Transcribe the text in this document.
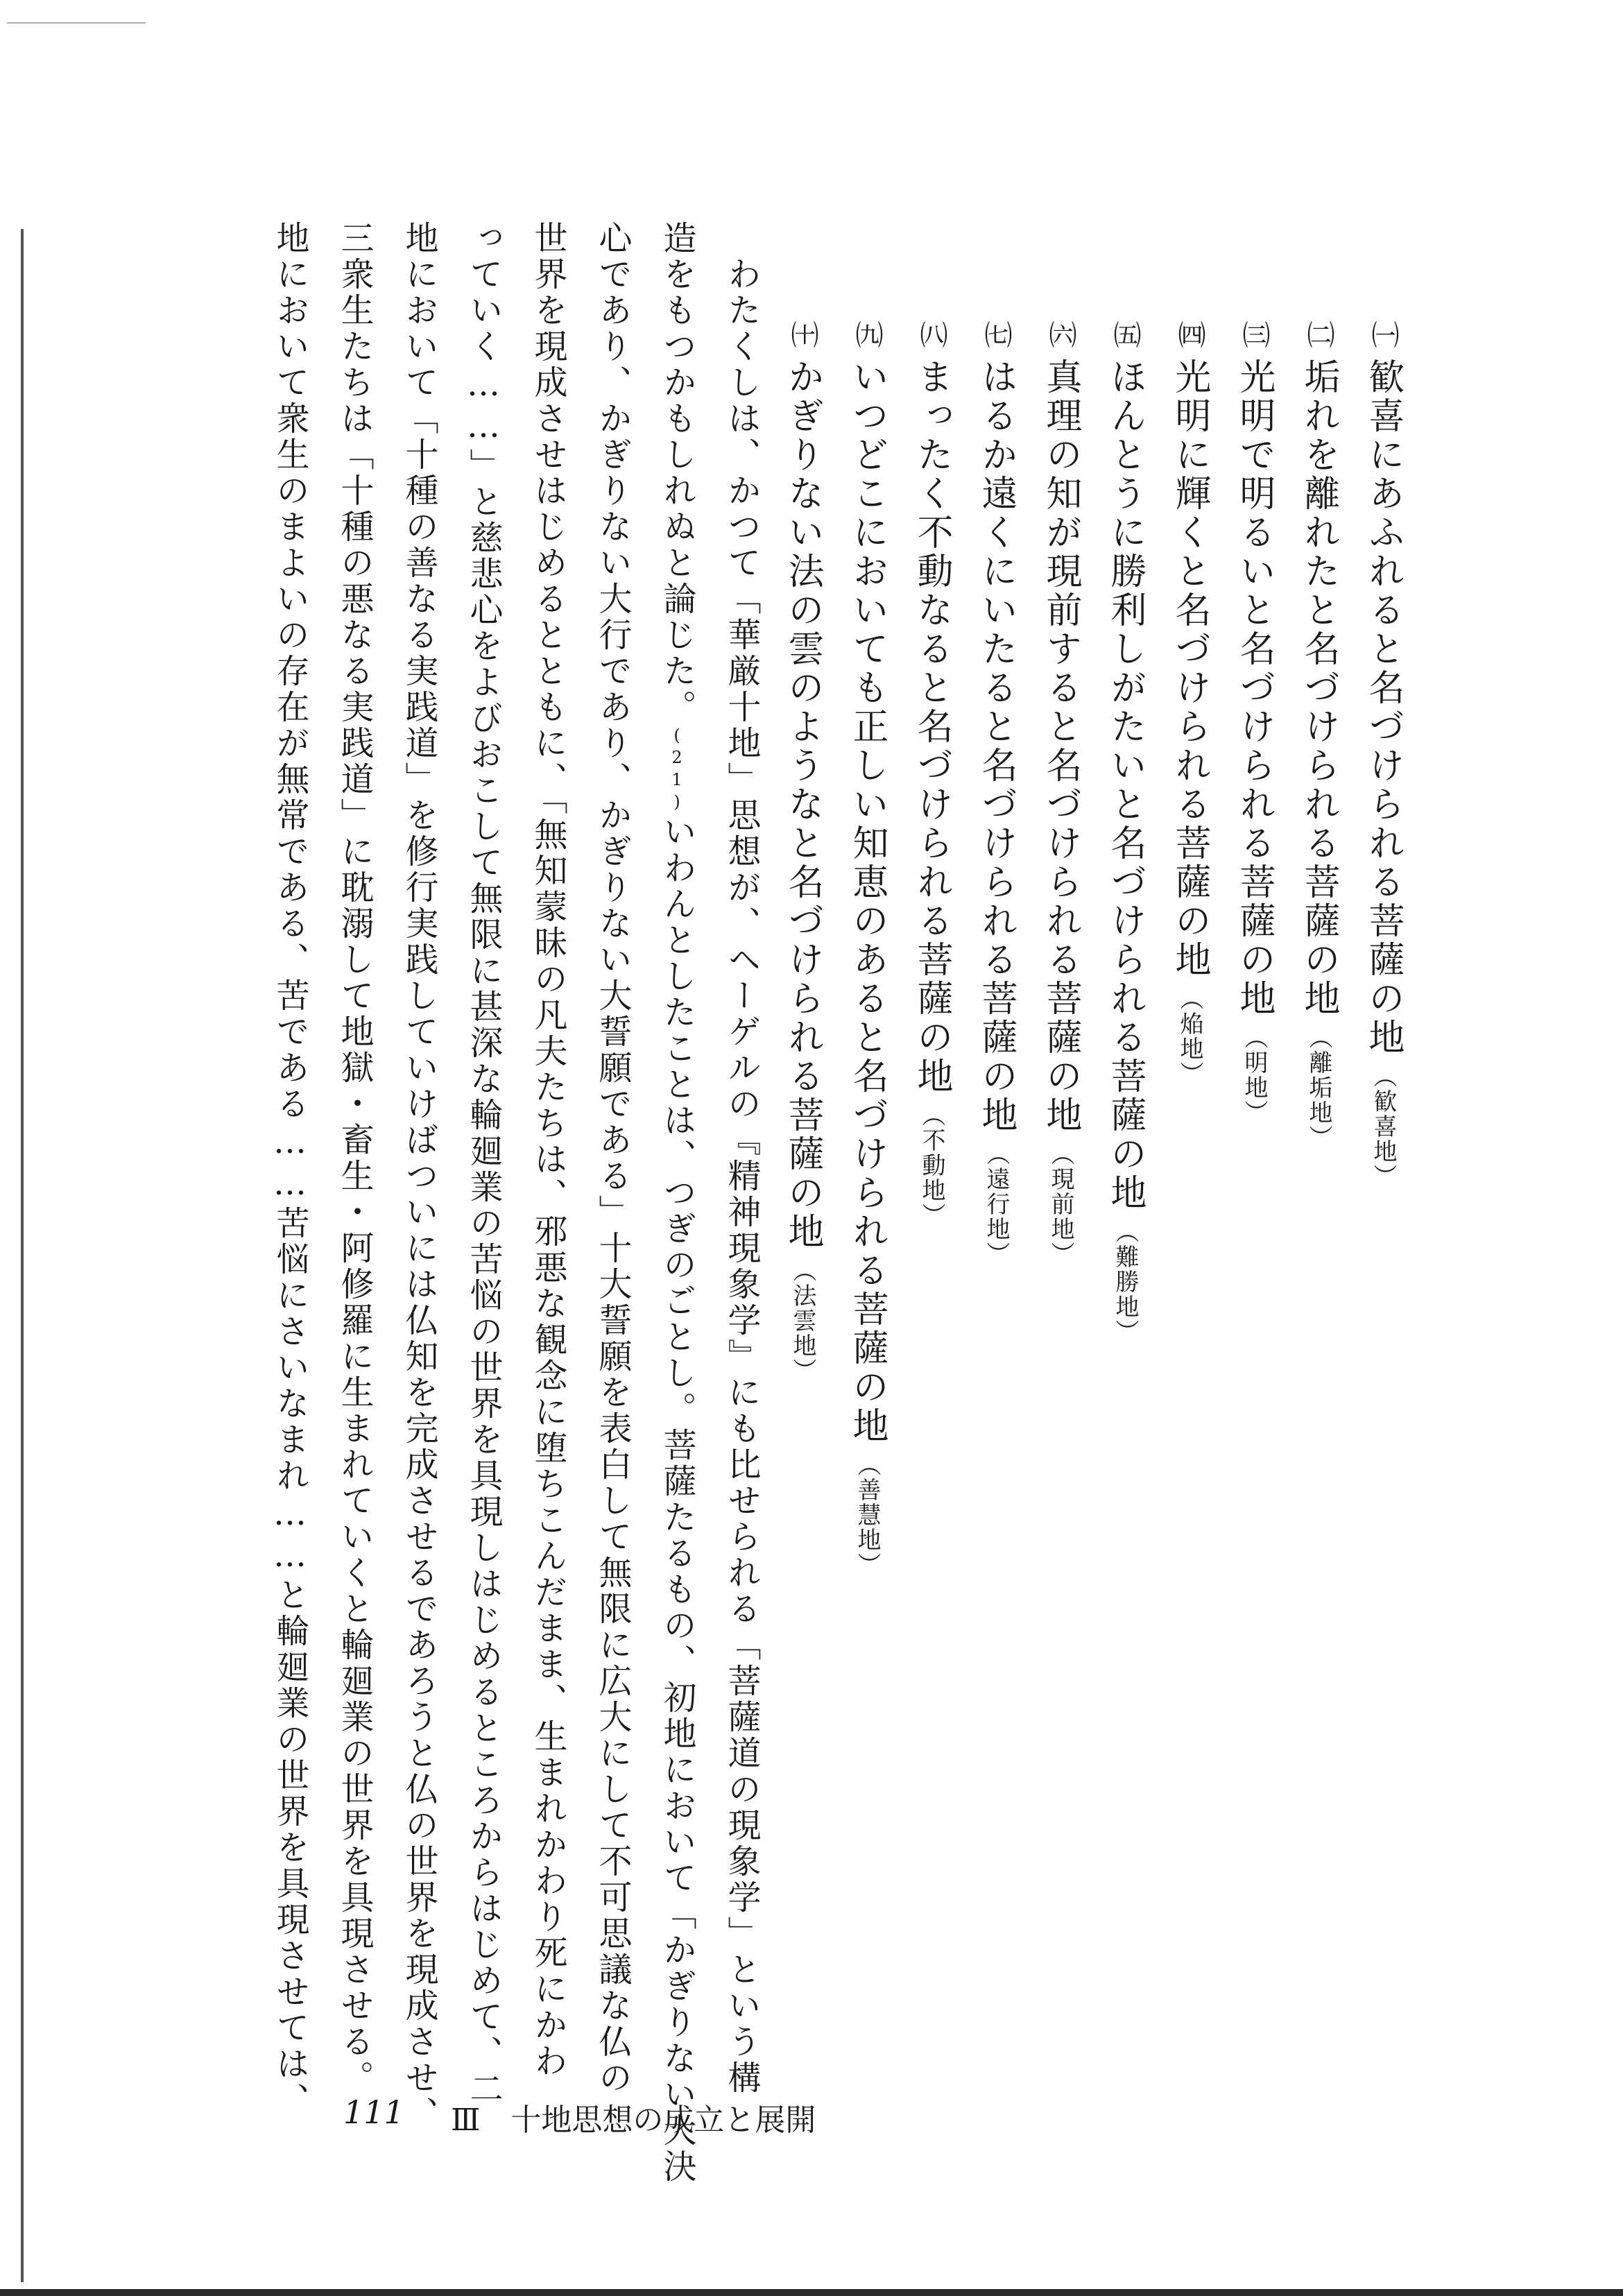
㈠歓喜にあふれると名づけられる菩薩の地（歓喜地）
㈡垢れを離れたと名づけられる菩薩の地（離垢地）
㈢光明で明るいと名づけられる菩薩の地（明地）
㈣光明に輝くと名づけられる菩薩の地（焔地）
㈤ほんとうに勝利しがたいと名づけられる菩薩の地（難勝地）
㈥真理の知が現前すると名づけられる菩薩の地（現前地）
㈦はるか遠くにいたると名づけられる菩薩の地（遠行地）
㈧まったく不動なると名づけられる菩薩の地（不動地）
㈨いつどこにおいても正しい知恵のあると名づけられる菩薩の地（善慧地）
㈩かぎりない法の雲のようなと名づけられる菩薩の地（法雲地）
　わたくしは、かつて「華厳十地」思想が、ヘーゲルの『精神現象学』にも比せられる「菩薩道の現象学」という構
造をもつかもしれぬと論じた。(21)いわんとしたことは、つぎのごとし。菩薩たるもの、初地において「かぎりない大決
心であり、かぎりない大行であり、かぎりない大誓願である」十大誓願を表白して無限に広大にして不可思議な仏の
世界を現成させはじめるとともに、「無知蒙昧の凡夫たちは、邪悪な観念に堕ちこんだまま、生まれかわり死にかわ
っていく……」と慈悲心をよびおこして無限に甚深な輪廻業の苦悩の世界を具現しはじめるところからはじめて、二
地において「十種の善なる実践道」を修行実践していけばついには仏知を完成させるであろうと仏の世界を現成させ、
三衆生たちは「十種の悪なる実践道」に耽溺して地獄・畜生・阿修羅に生まれていくと輪廻業の世界を具現させる。
地において衆生のまよいの存在が無常である、苦である……苦悩にさいなまれ……と輪廻業の世界を具現させては、 111 Ⅲ　十地思想の成立と展開
